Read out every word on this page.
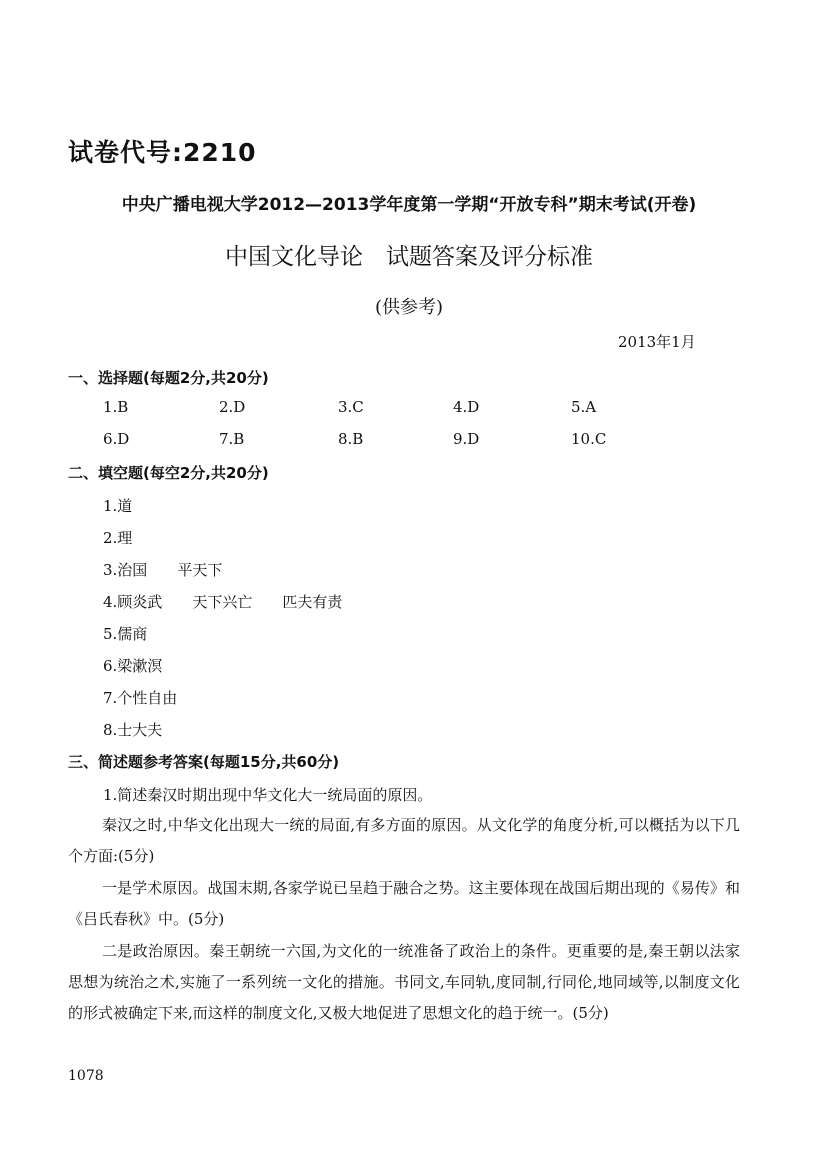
试卷代号:2210
中央广播电视大学2012—2013学年度第一学期“开放专科”期末考试(开卷)
中国文化导论　试题答案及评分标准
(供参考)
2013年1月
一、选择题(每题2分,共20分)
1.B	2.D	3.C	4.D	5.A
6.D	7.B	8.B	9.D	10.C
二、填空题(每空2分,共20分)
1.道
2.理
3.治国 平天下
4.顾炎武 天下兴亡 匹夫有责
5.儒商
6.梁漱溟
7.个性自由
8.士大夫
三、简述题参考答案(每题15分,共60分)
1.简述秦汉时期出现中华文化大一统局面的原因。
秦汉之时,中华文化出现大一统的局面,有多方面的原因。从文化学的角度分析,可以概括为以下几个方面:(5分)
一是学术原因。战国末期,各家学说已呈趋于融合之势。这主要体现在战国后期出现的《易传》和《吕氏春秋》中。(5分)
二是政治原因。秦王朝统一六国,为文化的一统准备了政治上的条件。更重要的是,秦王朝以法家思想为统治之术,实施了一系列统一文化的措施。书同文,车同轨,度同制,行同伦,地同域等,以制度文化的形式被确定下来,而这样的制度文化,又极大地促进了思想文化的趋于统一。(5分)
1078
